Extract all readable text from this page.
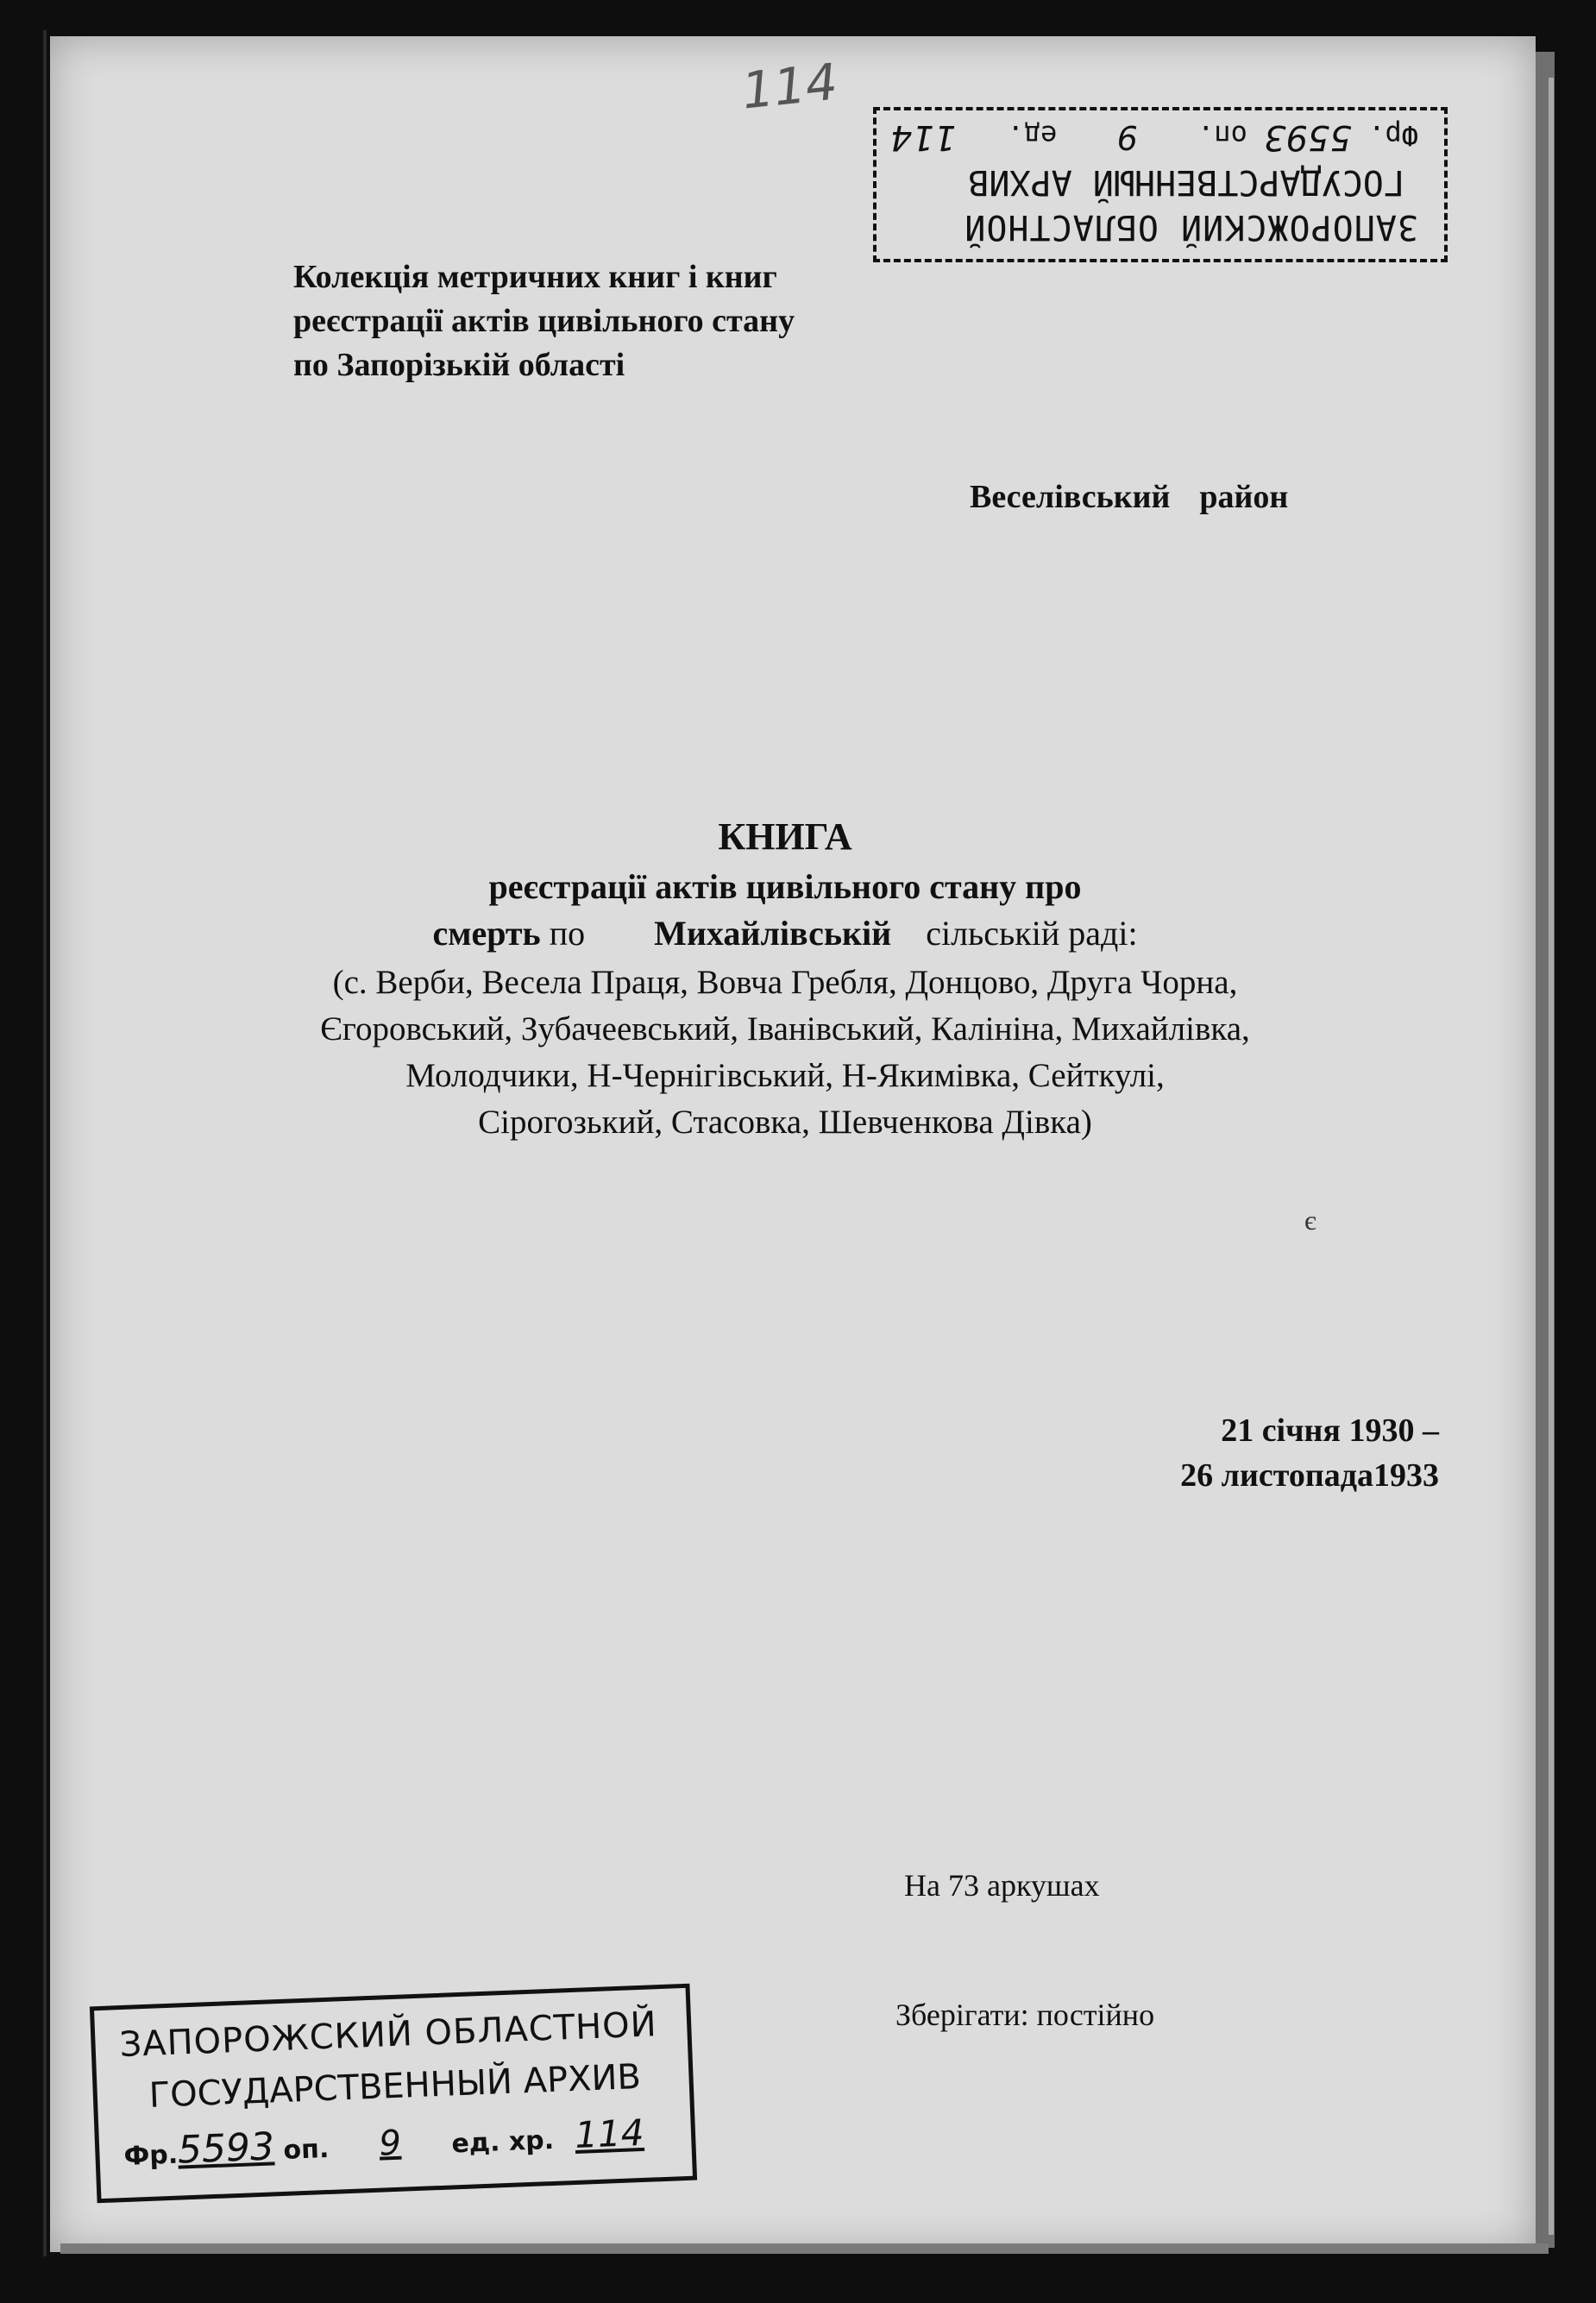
114
ЗАПОРОЖСКИЙ ОБЛАСТНОЙ
ГОСУДАРСТВЕННЫЙ АРХИВ
Фр. 5593 оп. 9 ед. 114
Колекція метричних книг і книг
реєстрації актів цивільного стану
по Запорізькій області
Веселівський район
КНИГА
реєстрації актів цивільного стану про
смерть по Михайлівській сільській раді:
(с. Верби, Весела Праця, Вовча Гребля, Донцово, Друга Чорна,
Єгоровський, Зубачеевський, Іванівський, Калініна, Михайлівка,
Молодчики, Н-Чернігівський, Н-Якимівка, Сейткулі,
Сірогозький, Стасовка, Шевченкова Дівка)
є
21 січня 1930 –
26 листопада1933
На 73 аркушах
Зберігати: постійно
ЗАПОРОЖСКИЙ ОБЛАСТНОЙ
ГОСУДАРСТВЕННЫЙ АРХИВ
Фр.5593 оп. 9 ед. хр. 114
